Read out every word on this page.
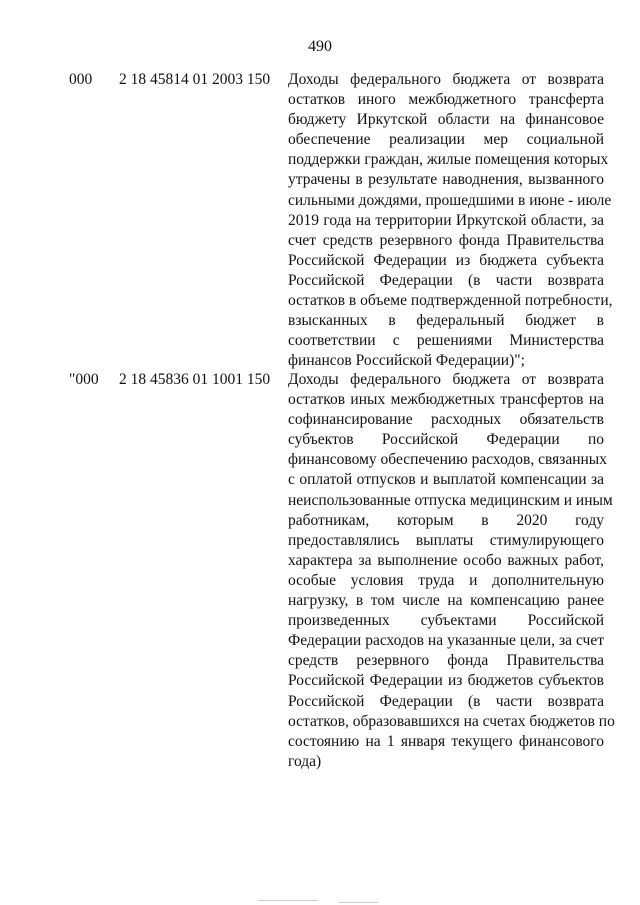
490
000 2 18 45814 01 2003 150 Доходы федерального бюджета от возврата
остатков иного межбюджетного трансферта
бюджету Иркутской области на финансовое
обеспечение реализации мер социальной
поддержки граждан, жилые помещения которых
утрачены в результате наводнения, вызванного
сильными дождями, прошедшими в июне - июле
2019 года на территории Иркутской области, за
счет средств резервного фонда Правительства
Российской Федерации из бюджета субъекта
Российской Федерации (в части возврата
остатков в объеме подтвержденной потребности,
взысканных в федеральный бюджет в
соответствии с решениями Министерства
финансов Российской Федерации)";
"000 2 18 45836 01 1001 150 Доходы федерального бюджета от возврата
остатков иных межбюджетных трансфертов на
софинансирование расходных обязательств
субъектов Российской Федерации по
финансовому обеспечению расходов, связанных
с оплатой отпусков и выплатой компенсации за
неиспользованные отпуска медицинским и иным
работникам, которым в 2020 году
предоставлялись выплаты стимулирующего
характера за выполнение особо важных работ,
особые условия труда и дополнительную
нагрузку, в том числе на компенсацию ранее
произведенных субъектами Российской
Федерации расходов на указанные цели, за счет
средств резервного фонда Правительства
Российской Федерации из бюджетов субъектов
Российской Федерации (в части возврата
остатков, образовавшихся на счетах бюджетов по
состоянию на 1 января текущего финансового
года)
